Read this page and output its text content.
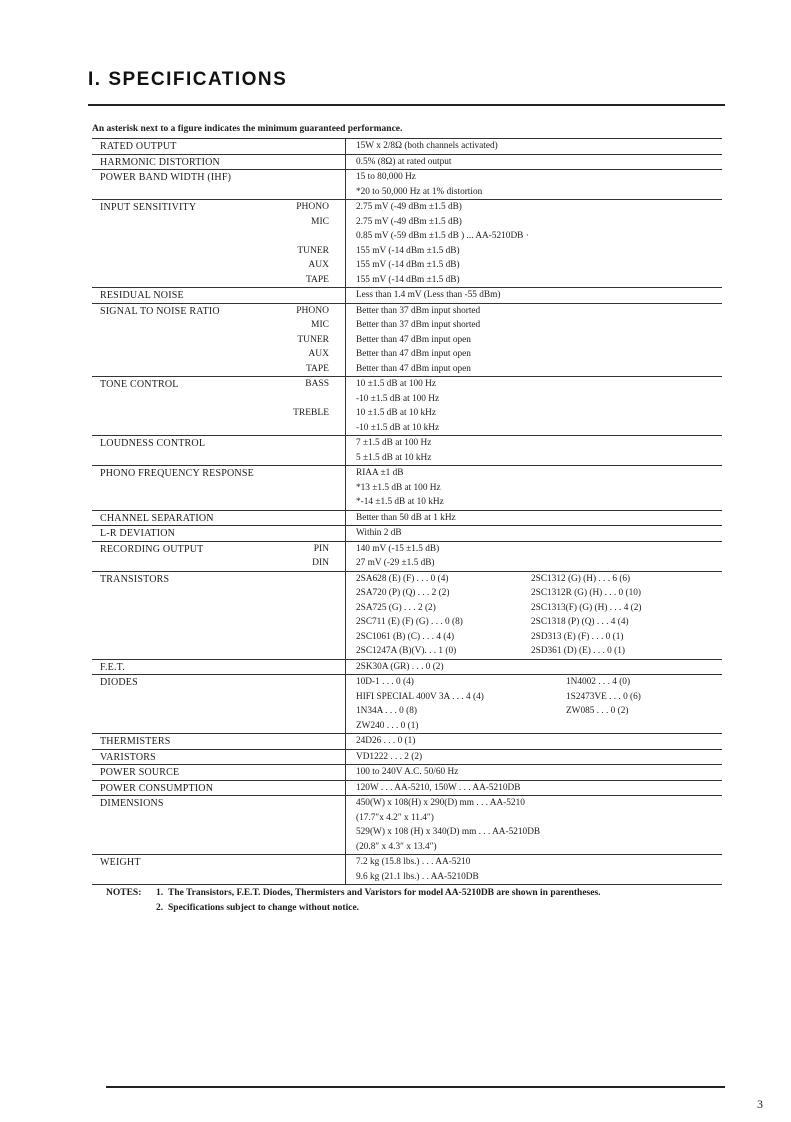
I. SPECIFICATIONS
An asterisk next to a figure indicates the minimum guaranteed performance.
RATED OUTPUT	15W x 2/8Ω (both channels activated)
HARMONIC DISTORTION	0.5% (8Ω) at rated output
POWER BAND WIDTH (IHF)	15 to 80,000 Hz
*20 to 50,000 Hz at 1% distortion
INPUT SENSITIVITY	PHONO	2.75 mV (-49 dBm ±1.5 dB)
MIC	2.75 mV (-49 dBm ±1.5 dB)
0.85 mV (-59 dBm ±1.5 dB ) ... AA-5210DB ·
TUNER	155 mV (-14 dBm ±1.5 dB)
AUX	155 mV (-14 dBm ±1.5 dB)
TAPE	155 mV (-14 dBm ±1.5 dB)
RESIDUAL NOISE	Less than 1.4 mV (Less than -55 dBm)
SIGNAL TO NOISE RATIO	PHONO	Better than 37 dBm input shorted
MIC	Better than 37 dBm input shorted
TUNER	Better than 47 dBm input open
AUX	Better than 47 dBm input open
TAPE	Better than 47 dBm input open
TONE CONTROL	BASS	10 ±1.5 dB at 100 Hz
-10 ±1.5 dB at 100 Hz
TREBLE	10 ±1.5 dB at 10 kHz
-10 ±1.5 dB at 10 kHz
LOUDNESS CONTROL	7 ±1.5 dB at 100 Hz
5 ±1.5 dB at 10 kHz
PHONO FREQUENCY RESPONSE	RIAA ±1 dB
*13 ±1.5 dB at 100 Hz
*-14 ±1.5 dB at 10 kHz
CHANNEL SEPARATION	Better than 50 dB at 1 kHz
L-R DEVIATION	Within 2 dB
RECORDING OUTPUT	PIN	140 mV (-15 ±1.5 dB)
DIN	27 mV (-29 ±1.5 dB)
TRANSISTORS	2SA628 (E) (F) . . . 0 (4)	2SC1312 (G) (H) . . . 6 (6)
2SA720 (P) (Q) . . . 2 (2)	2SC1312R (G) (H) . . . 0 (10)
2SA725 (G) . . . 2 (2)	2SC1313(F) (G) (H) . . . 4 (2)
2SC711 (E) (F) (G) . . . 0 (8)	2SC1318 (P) (Q) . . . 4 (4)
2SC1061 (B) (C) . . . 4 (4)	2SD313 (E) (F) . . . 0 (1)
2SC1247A (B)(V). . . 1 (0)	2SD361 (D) (E) . . . 0 (1)
F.E.T.	2SK30A (GR) . . . 0 (2)
DIODES	10D-1 . . . 0 (4)	1N4002 . . . 4 (0)
HIFI SPECIAL 400V 3A . . . 4 (4)	1S2473VE . . . 0 (6)
1N34A . . . 0 (8)	ZW085 . . . 0 (2)
ZW240 . . . 0 (1)
THERMISTERS	24D26 . . . 0 (1)
VARISTORS	VD1222 . . . 2 (2)
POWER SOURCE	100 to 240V A.C. 50/60 Hz
POWER CONSUMPTION	120W . . . AA-5210, 150W . . . AA-5210DB
DIMENSIONS	450(W) x 108(H) x 290(D) mm . . . AA-5210
(17.7″x 4.2″ x 11.4″)
529(W) x 108 (H) x 340(D) mm . . . AA-5210DB
(20.8″ x 4.3″ x 13.4″)
WEIGHT	7.2 kg (15.8 lbs.) . . . AA-5210
9.6 kg (21.1 lbs.) . . AA-5210DB
NOTES: 1. The Transistors, F.E.T. Diodes, Thermisters and Varistors for model AA-5210DB are shown in parentheses.
2. Specifications subject to change without notice.
3
